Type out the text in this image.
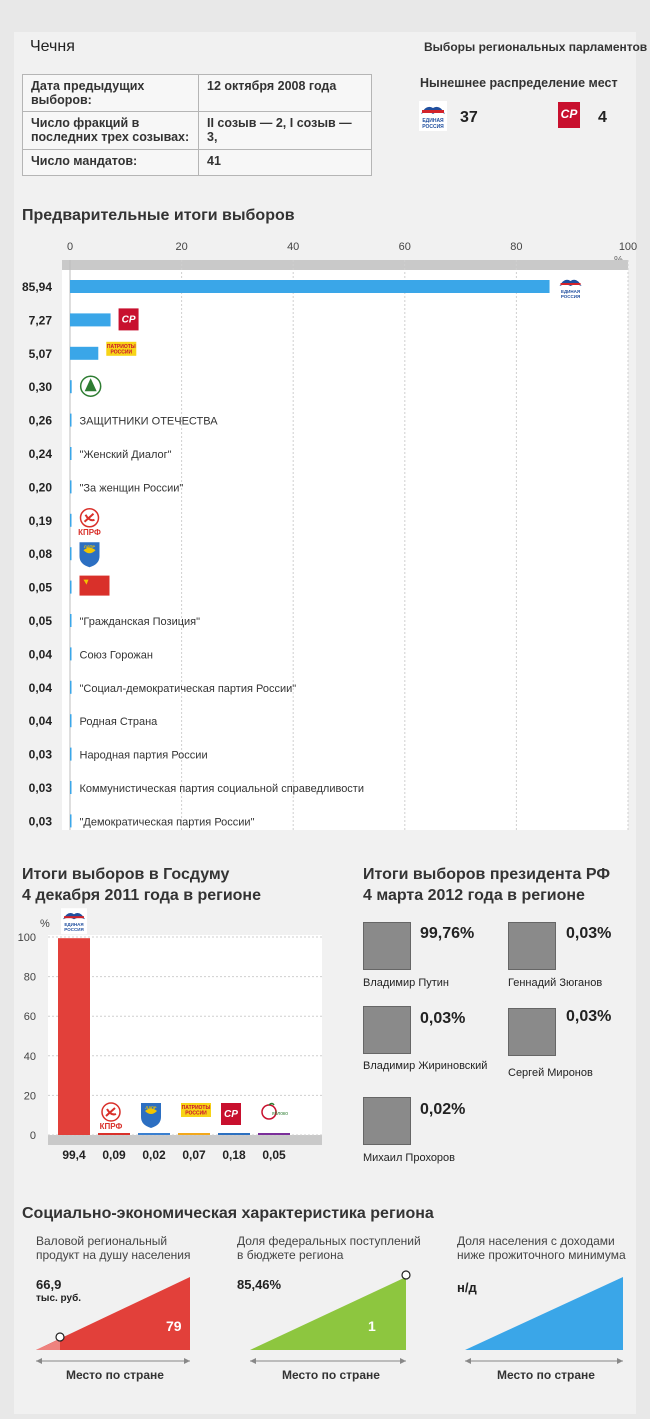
Чечня	Выборы региональных парламентов
Дата предыдущих выборов:	12 октября 2008 года
Число фракций в последних трех созывах:	II созыв — 2, I созыв — 3,
Число мандатов:	41
Нынешнее распределение мест
ЕДИНАЯ
РОССИЯ
37	СР 4
Предварительные итоги выборов
0	20	40	60	80	100
85,94	ЕДИНАЯ
РОССИЯ
7,27	СР
5,07	ПАТРИОТЫ
РОССИИ
0,30
0,26	ЗАЩИТНИКИ ОТЕЧЕСТВА
0,24	"Женский Диалог"
0,20	"За женщин России"
0,19
КПРФ
0,08
ЛДПР
0,05
0,05	"Гражданская Позиция"
0,04	Союз Горожан
0,04	"Социал-демократическая партия России"
0,04	Родная Страна
0,03	Народная партия России
0,03	Коммунистическая партия социальной справедливости
0,03	"Демократическая партия России"
Итоги выборов в Госдуму
4 декабря 2011 года в регионе
%
0
20
40
60
80
100
99,4
ЕДИНАЯ
РОССИЯ
0,09
КПРФ
0,02
ЛДПР
0,07
ПАТРИОТЫ
РОССИИ
0,18
СР
0,05
яблоко
Итоги выборов президента РФ
4 марта 2012 года в регионе
99,76%
Владимир Путин
0,03%
Геннадий Зюганов
0,03%
Владимир Жириновский
0,03%
Сергей Миронов
0,02%
Михаил Прохоров
Социально-экономическая характеристика региона
Валовой региональный
продукт на душу населения
Доля федеральных поступлений
в бюджете региона
Доля населения с доходами
ниже прожиточного минимума
66,9
тыс. руб.
79
85,46%
1
н/д
Место по стране	Место по стране	Место по стране
